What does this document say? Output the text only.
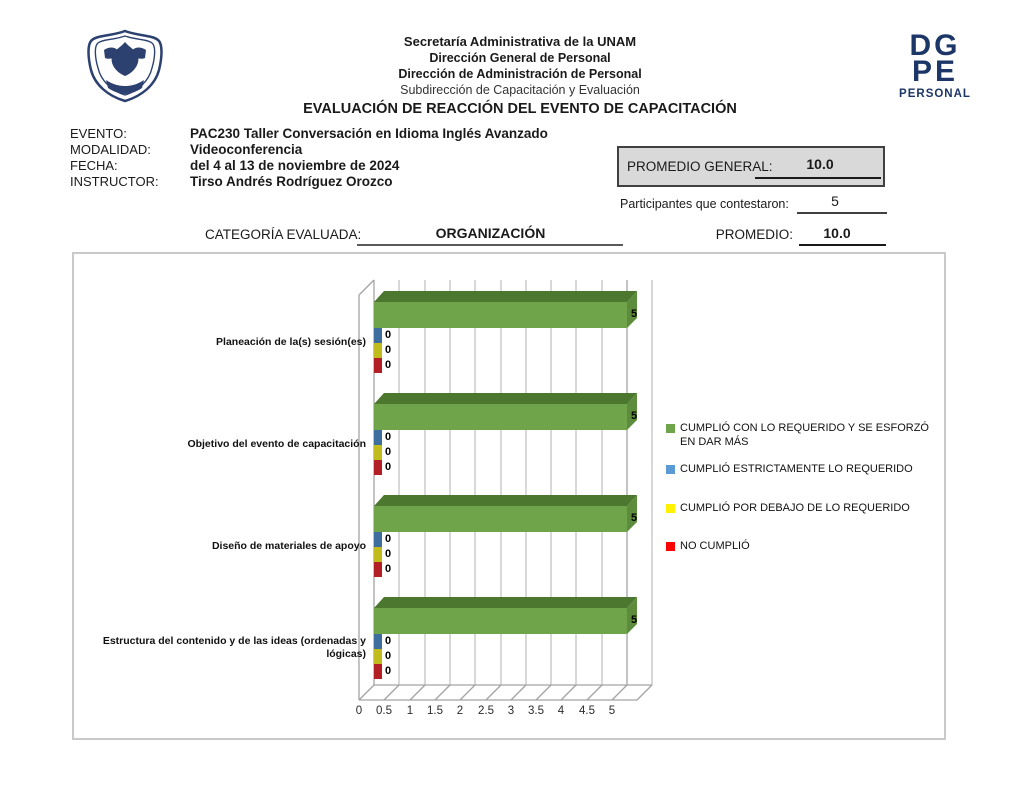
Secretaría Administrativa de la UNAM
Dirección General de Personal
Dirección de Administración de Personal
Subdirección de Capacitación y Evaluación
DG
PE
PERSONAL
EVALUACIÓN DE REACCIÓN DEL EVENTO DE CAPACITACIÓN
EVENTO:	PAC230 Taller Conversación en Idioma Inglés Avanzado
MODALIDAD:	Videoconferencia
FECHA:	del 4 al 13 de noviembre de 2024
INSTRUCTOR:	Tirso Andrés Rodríguez Orozco
PROMEDIO GENERAL:	10.0
Participantes que contestaron:	5
CATEGORÍA EVALUADA:	ORGANIZACIÓN	PROMEDIO:	10.0
Planeación de la(s) sesión(es)
Objetivo del evento de capacitación
Diseño de materiales de apoyo
Estructura del contenido y de las ideas (ordenadas y lógicas)
5
0
0
0
5
0
0
0
5
0
0
0
5
0
0
0
0	0.5	1	1.5	2	2.5	3	3.5	4	4.5	5
CUMPLIÓ CON LO REQUERIDO Y SE ESFORZÓ EN DAR MÁS
CUMPLIÓ ESTRICTAMENTE LO REQUERIDO
CUMPLIÓ POR DEBAJO DE LO REQUERIDO
NO CUMPLIÓ
